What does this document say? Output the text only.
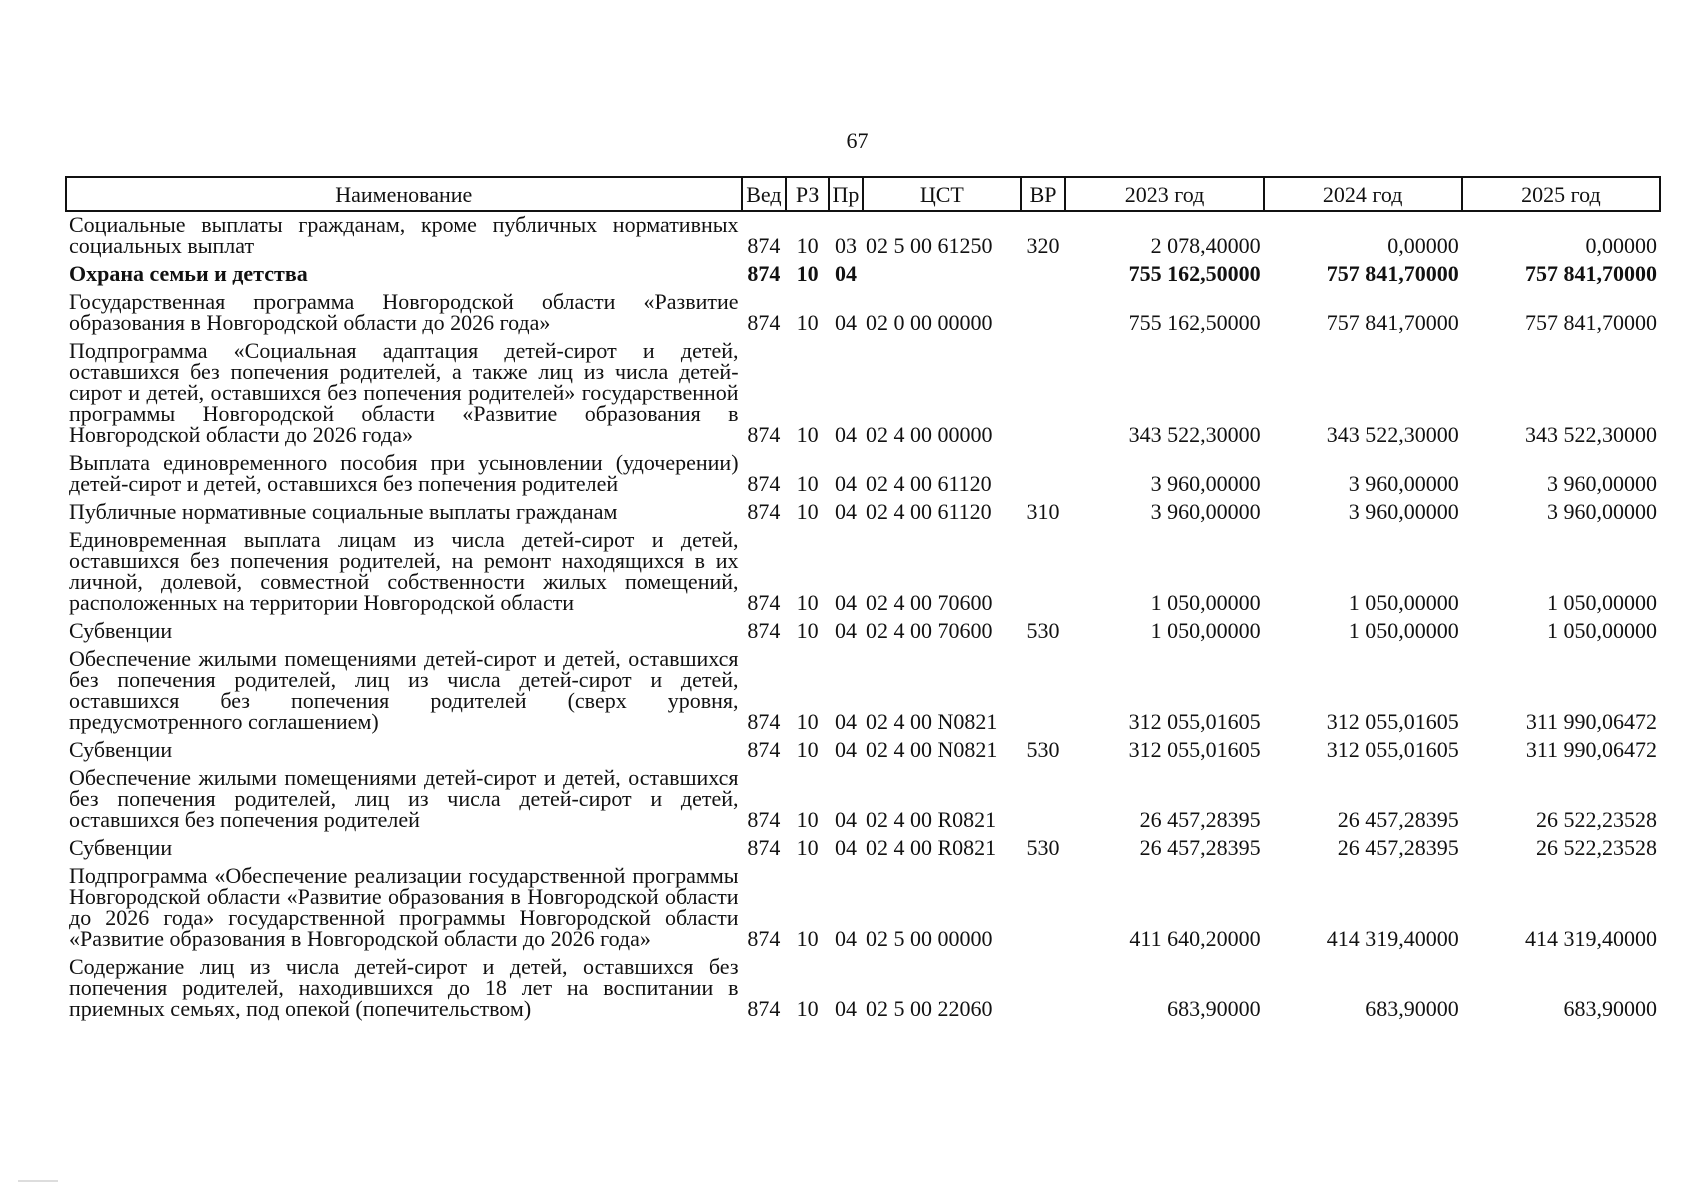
67
Наименование	Вед	РЗ	Пр	ЦСТ	ВР	2023 год	2024 год	2025 год
Социальные выплаты гражданам, кроме публичных нормативных социальных выплат	874	10	03	02 5 00 61250	320	2 078,40000	0,00000	0,00000
Охрана семьи и детства	874	10	04			755 162,50000	757 841,70000	757 841,70000
Государственная программа Новгородской области «Развитие образования в Новгородской области до 2026 года»	874	10	04	02 0 00 00000		755 162,50000	757 841,70000	757 841,70000
Подпрограмма «Социальная адаптация детей-сирот и детей, оставшихся без попечения родителей, а также лиц из числа детей-сирот и детей, оставшихся без попечения родителей» государственной программы Новгородской области «Развитие образования в Новгородской области до 2026 года»	874	10	04	02 4 00 00000		343 522,30000	343 522,30000	343 522,30000
Выплата единовременного пособия при усыновлении (удочерении) детей-сирот и детей, оставшихся без попечения родителей	874	10	04	02 4 00 61120		3 960,00000	3 960,00000	3 960,00000
Публичные нормативные социальные выплаты гражданам	874	10	04	02 4 00 61120	310	3 960,00000	3 960,00000	3 960,00000
Единовременная выплата лицам из числа детей-сирот и детей, оставшихся без попечения родителей, на ремонт находящихся в их личной, долевой, совместной собственности жилых помещений, расположенных на территории Новгородской области	874	10	04	02 4 00 70600		1 050,00000	1 050,00000	1 050,00000
Субвенции	874	10	04	02 4 00 70600	530	1 050,00000	1 050,00000	1 050,00000
Обеспечение жилыми помещениями детей-сирот и детей, оставшихся без попечения родителей, лиц из числа детей-сирот и детей, оставшихся без попечения родителей (сверх уровня, предусмотренного соглашением)	874	10	04	02 4 00 N0821		312 055,01605	312 055,01605	311 990,06472
Субвенции	874	10	04	02 4 00 N0821	530	312 055,01605	312 055,01605	311 990,06472
Обеспечение жилыми помещениями детей-сирот и детей, оставшихся без попечения родителей, лиц из числа детей-сирот и детей, оставшихся без попечения родителей	874	10	04	02 4 00 R0821		26 457,28395	26 457,28395	26 522,23528
Субвенции	874	10	04	02 4 00 R0821	530	26 457,28395	26 457,28395	26 522,23528
Подпрограмма «Обеспечение реализации государственной программы Новгородской области «Развитие образования в Новгородской области до 2026 года» государственной программы Новгородской области «Развитие образования в Новгородской области до 2026 года»	874	10	04	02 5 00 00000		411 640,20000	414 319,40000	414 319,40000
Содержание лиц из числа детей-сирот и детей, оставшихся без попечения родителей, находившихся до 18 лет на воспитании в приемных семьях, под опекой (попечительством)	874	10	04	02 5 00 22060		683,90000	683,90000	683,90000
